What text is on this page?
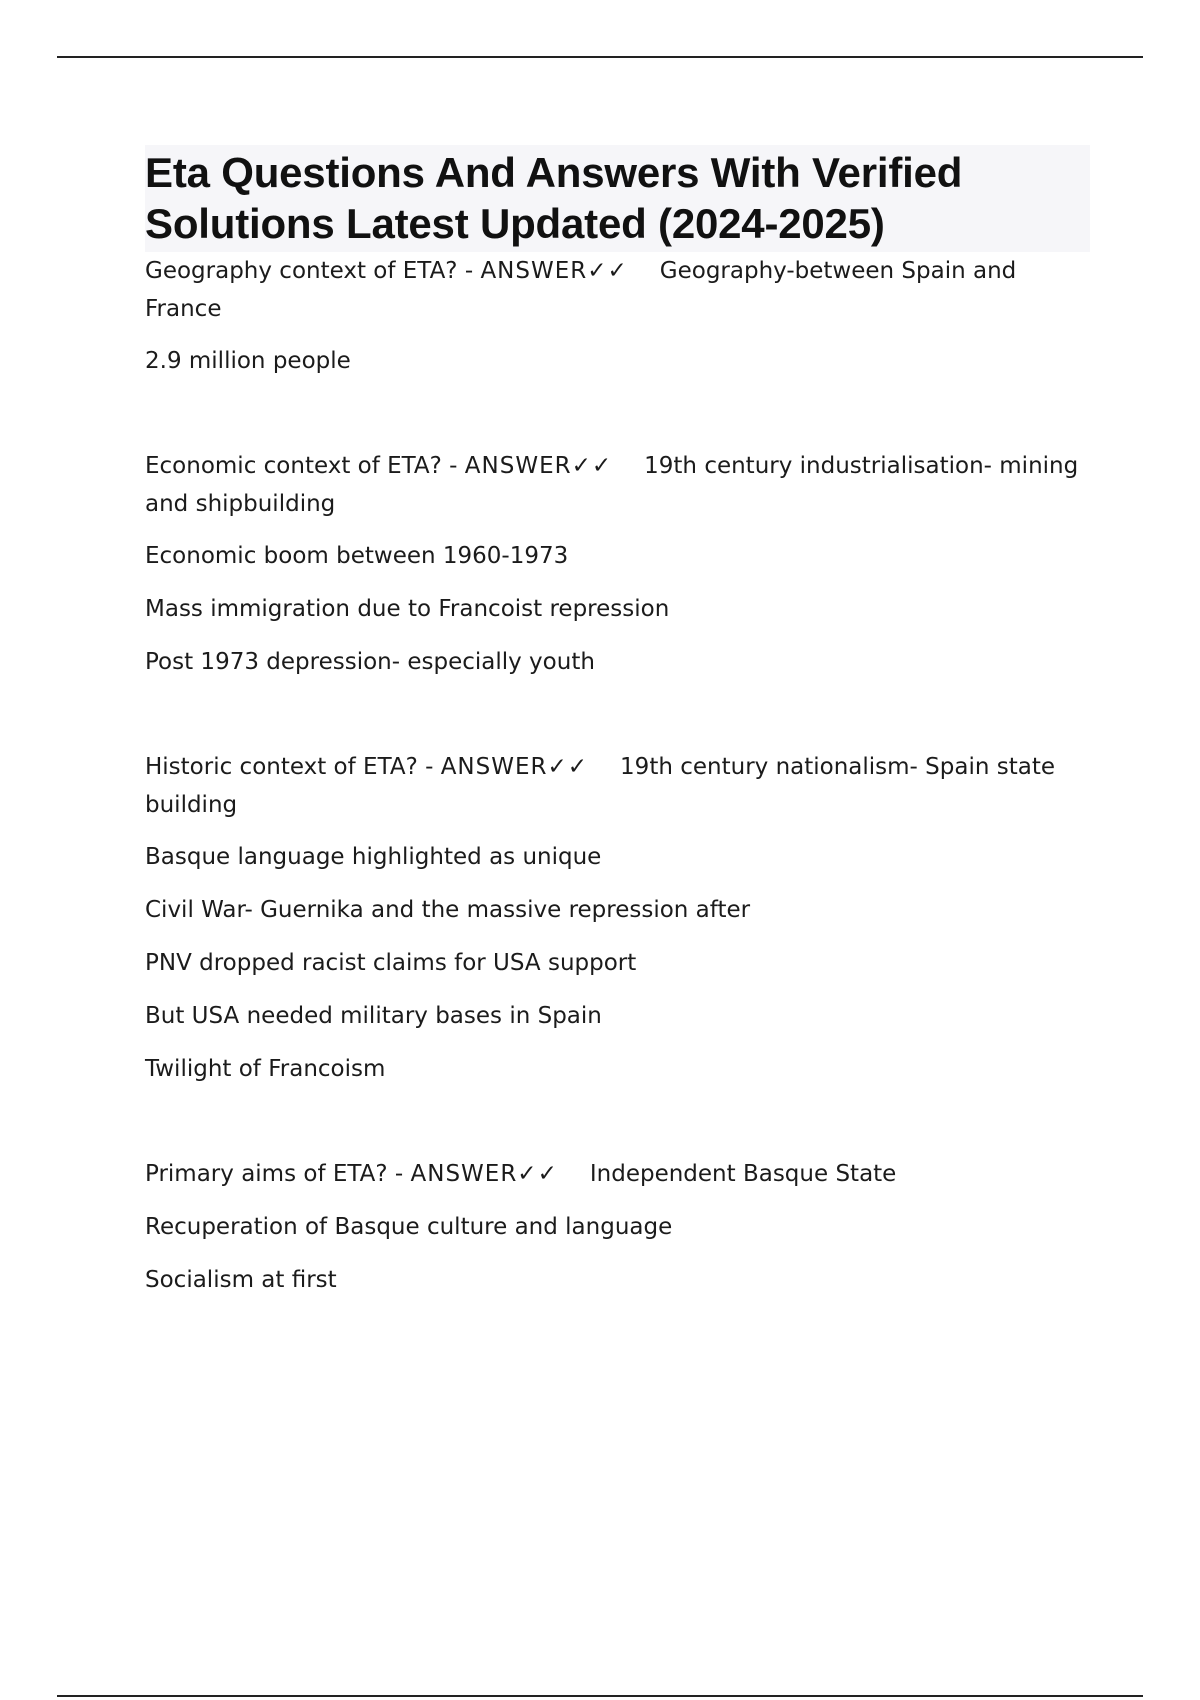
Eta Questions And Answers With Verified
Solutions Latest Updated (2024-2025)

Geography context of ETA? - ANSWER✓✓ Geography-between Spain and
France

2.9 million people

Economic context of ETA? - ANSWER✓✓ 19th century industrialisation- mining
and shipbuilding

Economic boom between 1960-1973

Mass immigration due to Francoist repression

Post 1973 depression- especially youth

Historic context of ETA? - ANSWER✓✓ 19th century nationalism- Spain state
building

Basque language highlighted as unique

Civil War- Guernika and the massive repression after

PNV dropped racist claims for USA support

But USA needed military bases in Spain

Twilight of Francoism

Primary aims of ETA? - ANSWER✓✓ Independent Basque State

Recuperation of Basque culture and language

Socialism at first
